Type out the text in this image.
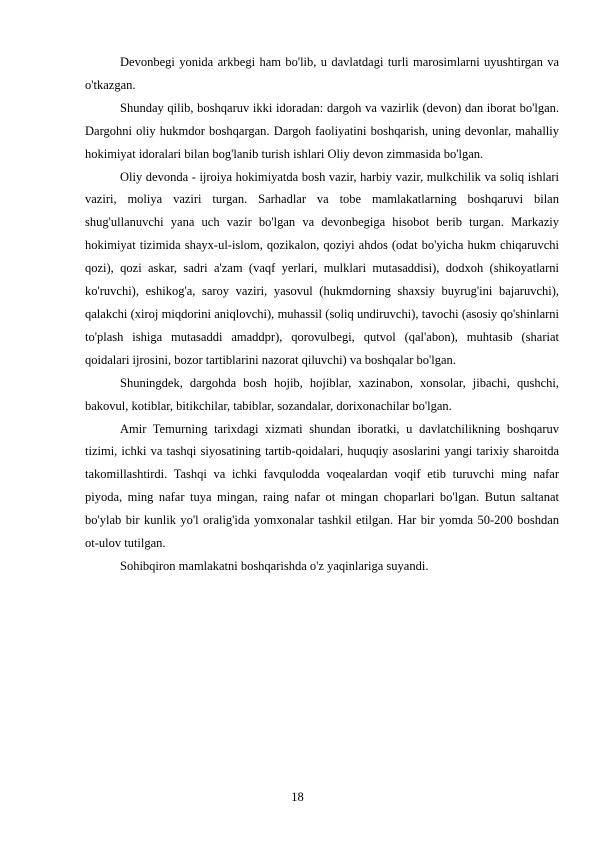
Devonbegi yonida arkbegi ham bo'lib, u davlatdagi turli marosimlarni uyushtirgan va o'tkazgan.

Shunday qilib, boshqaruv ikki idoradan: dargoh va vazirlik (devon) dan iborat bo'lgan. Dargohni oliy hukmdor boshqargan. Dargoh faoliyatini boshqarish, uning devonlar, mahalliy hokimiyat idoralari bilan bog'lanib turish ishlari Oliy devon zimmasida bo'lgan.

Oliy devonda - ijroiya hokimiyatda bosh vazir, harbiy vazir, mulkchilik va soliq ishlari vaziri, moliya vaziri turgan. Sarhadlar va tobe mamlakatlarning boshqaruvi bilan shug'ullanuvchi yana uch vazir bo'lgan va devonbegiga hisobot berib turgan. Markaziy hokimiyat tizimida shayx-ul-islom, qozikalon, qoziyi ahdos (odat bo'yicha hukm chiqaruvchi qozi), qozi askar, sadri a'zam (vaqf yerlari, mulklari mutasaddisi), dodxoh (shikoyatlarni ko'ruvchi), eshikog'a, saroy vaziri, yasovul (hukmdorning shaxsiy buyrug'ini bajaruvchi), qalakchi (xiroj miqdorini aniqlovchi), muhassil (soliq undiruvchi), tavochi (asosiy qo'shinlarni to'plash ishiga mutasaddi amaddpr), qorovulbegi, qutvol (qal'abon), muhtasib (shariat qoidalari ijrosini, bozor tartiblarini nazorat qiluvchi) va boshqalar bo'lgan.

Shuningdek, dargohda bosh hojib, hojiblar, xazinabon, xonsolar, jibachi, qushchi, bakovul, kotiblar, bitikchilar, tabiblar, sozandalar, dorixonachilar bo'lgan.

Amir Temurning tarixdagi xizmati shundan iboratki, u davlatchilikning boshqaruv tizimi, ichki va tashqi siyosatining tartib-qoidalari, huquqiy asoslarini yangi tarixiy sharoitda takomillashtirdi. Tashqi va ichki favqulodda voqealardan voqif etib turuvchi ming nafar piyoda, ming nafar tuya mingan, raing nafar ot mingan choparlari bo'lgan. Butun saltanat bo'ylab bir kunlik yo'l oralig'ida yomxonalar tashkil etilgan. Har bir yomda 50-200 boshdan ot-ulov tutilgan.

Sohibqiron mamlakatni boshqarishda o'z yaqinlariga suyandi.

18
